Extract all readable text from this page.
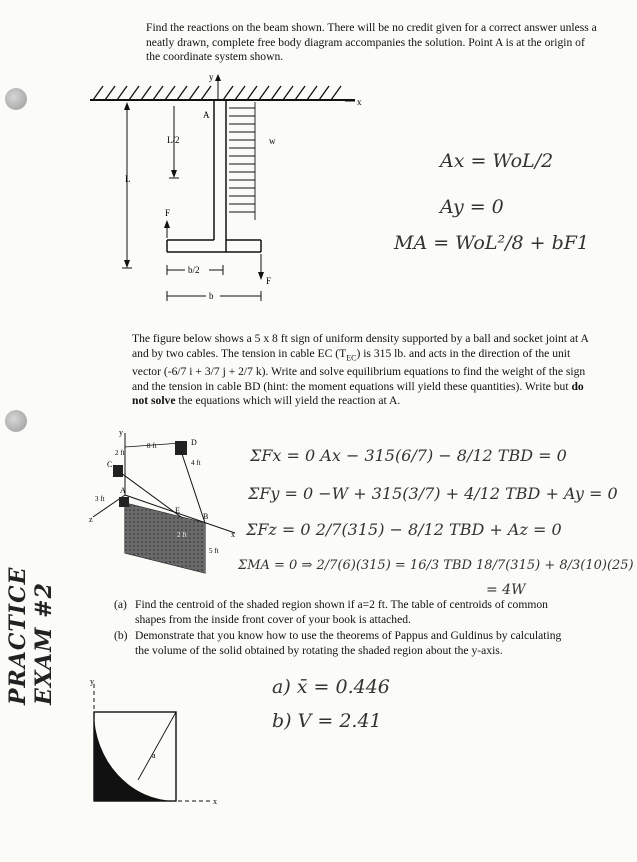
PRACTICE EXAM #2
Find the reactions on the beam shown. There will be no credit given for a correct answer unless a neatly drawn, complete free body diagram accompanies the solution. Point A is at the origin of the coordinate system shown.
y
x
A
w
L
L/2
F
F
b/2
b
Ax = WoL/2
Ay = 0
MA = WoL²/8 + bF1
The figure below shows a 5 x 8 ft sign of uniform density supported by a ball and socket joint at A and by two cables. The tension in cable EC $(T_{EC})$ is 315 lb. and acts in the direction of the unit vector (-6/7 i + 3/7 j + 2/7 k). Write and solve equilibrium equations to find the weight of the sign and the tension in cable BD (hint: the moment equations will yield these quantities). Write but do not solve the equations which will yield the reaction at A.
y
x
z
2 ft
8 ft
4 ft
3 ft
2 ft
5 ft
C
D
A
E
B
ΣFx = 0 Ax − 315(6/7) − 8/12 TBD = 0
ΣFy = 0 −W + 315(3/7) + 4/12 TBD + Ay = 0
ΣFz = 0 2/7(315) − 8/12 TBD + Az = 0
ΣMA = 0 ⇒ 2/7(6)(315) = 16/3 TBD 18/7(315) + 8/3(10)(25)
= 4W
(a) Find the centroid of the shaded region shown if a=2 ft. The table of centroids of common shapes from the inside front cover of your book is attached.
(b) Demonstrate that you know how to use the theorems of Pappus and Guldinus by calculating the volume of the solid obtained by rotating the shaded region about the y-axis.
y
x
a
a) x̄ = 0.446
b) V = 2.41
